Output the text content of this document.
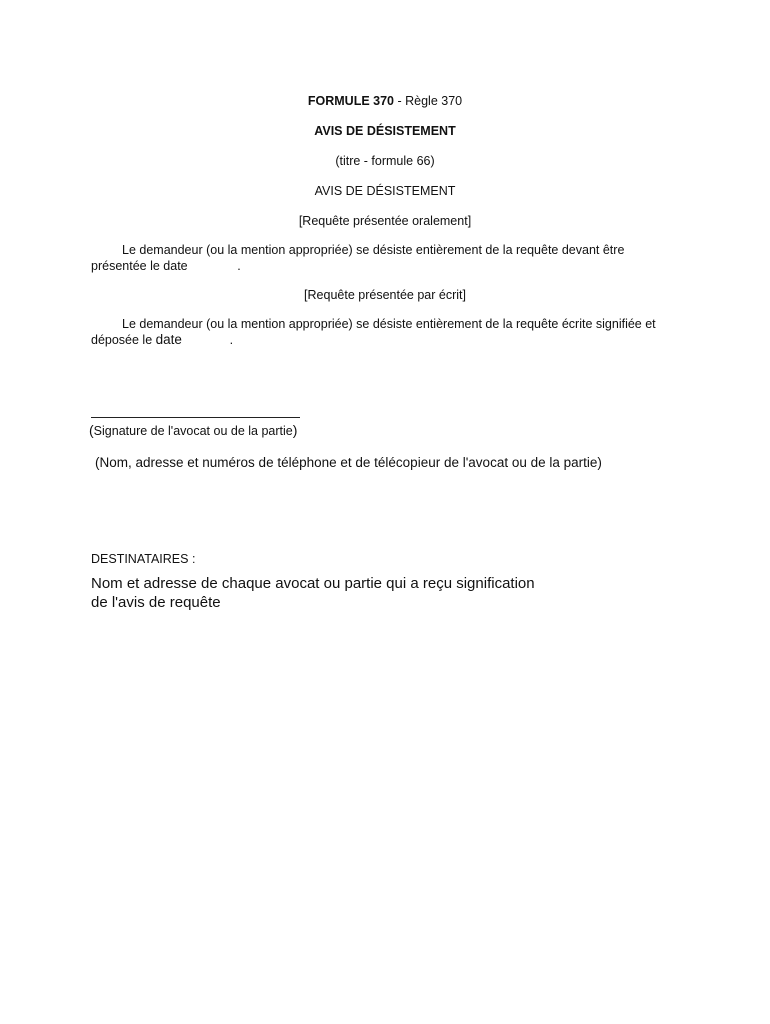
FORMULE 370 - Règle 370
AVIS DE DÉSISTEMENT
(titre - formule 66)
AVIS DE DÉSISTEMENT
[Requête présentée oralement]
Le demandeur (ou la mention appropriée) se désiste entièrement de la requête devant être
présentée le date	.
[Requête présentée par écrit]
Le demandeur (ou la mention appropriée) se désiste entièrement de la requête écrite signifiée et
déposée le date	.
(Signature de l'avocat ou de la partie)
(Nom, adresse et numéros de téléphone et de télécopieur de l'avocat ou de la partie)
DESTINATAIRES :
Nom et adresse de chaque avocat ou partie qui a reçu signification
de l'avis de requête
